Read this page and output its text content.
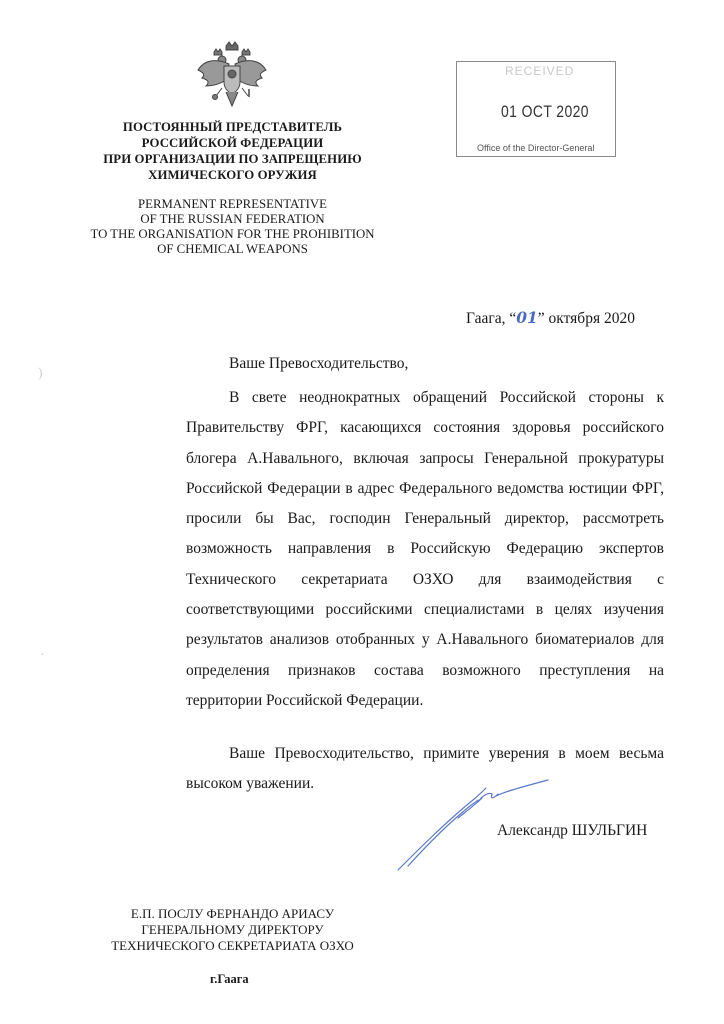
ПОСТОЯННЫЙ ПРЕДСТАВИТЕЛЬ
РОССИЙСКОЙ ФЕДЕРАЦИИ
ПРИ ОРГАНИЗАЦИИ ПО ЗАПРЕЩЕНИЮ
ХИМИЧЕСКОГО ОРУЖИЯ
PERMANENT REPRESENTATIVE
OF THE RUSSIAN FEDERATION
TO THE ORGANISATION FOR THE PROHIBITION
OF CHEMICAL WEAPONS
RECEIVED
01 OCT 2020
Office of the Director-General
Гаага, “01” октября 2020
Ваше Превосходительство,

В свете неоднократных обращений Российской стороны к Правительству ФРГ, касающихся состояния здоровья российского блогера А.Навального, включая запросы Генеральной прокуратуры Российской Федерации в адрес Федерального ведомства юстиции ФРГ, просили бы Вас, господин Генеральный директор, рассмотреть возможность направления в Российскую Федерацию экспертов Технического секретариата ОЗХО для взаимодействия с соответствующими российскими специалистами в целях изучения результатов анализов отобранных у А.Навального биоматериалов для определения признаков состава возможного преступления на территории Российской Федерации.

Ваше Превосходительство, примите уверения в моем весьма высоком уважении.

Александр ШУЛЬГИН
Е.П. ПОСЛУ ФЕРНАНДО АРИАСУ
ГЕНЕРАЛЬНОМУ ДИРЕКТОРУ
ТЕХНИЧЕСКОГО СЕКРЕТАРИАТА ОЗХО
г.Гаага
)
·
